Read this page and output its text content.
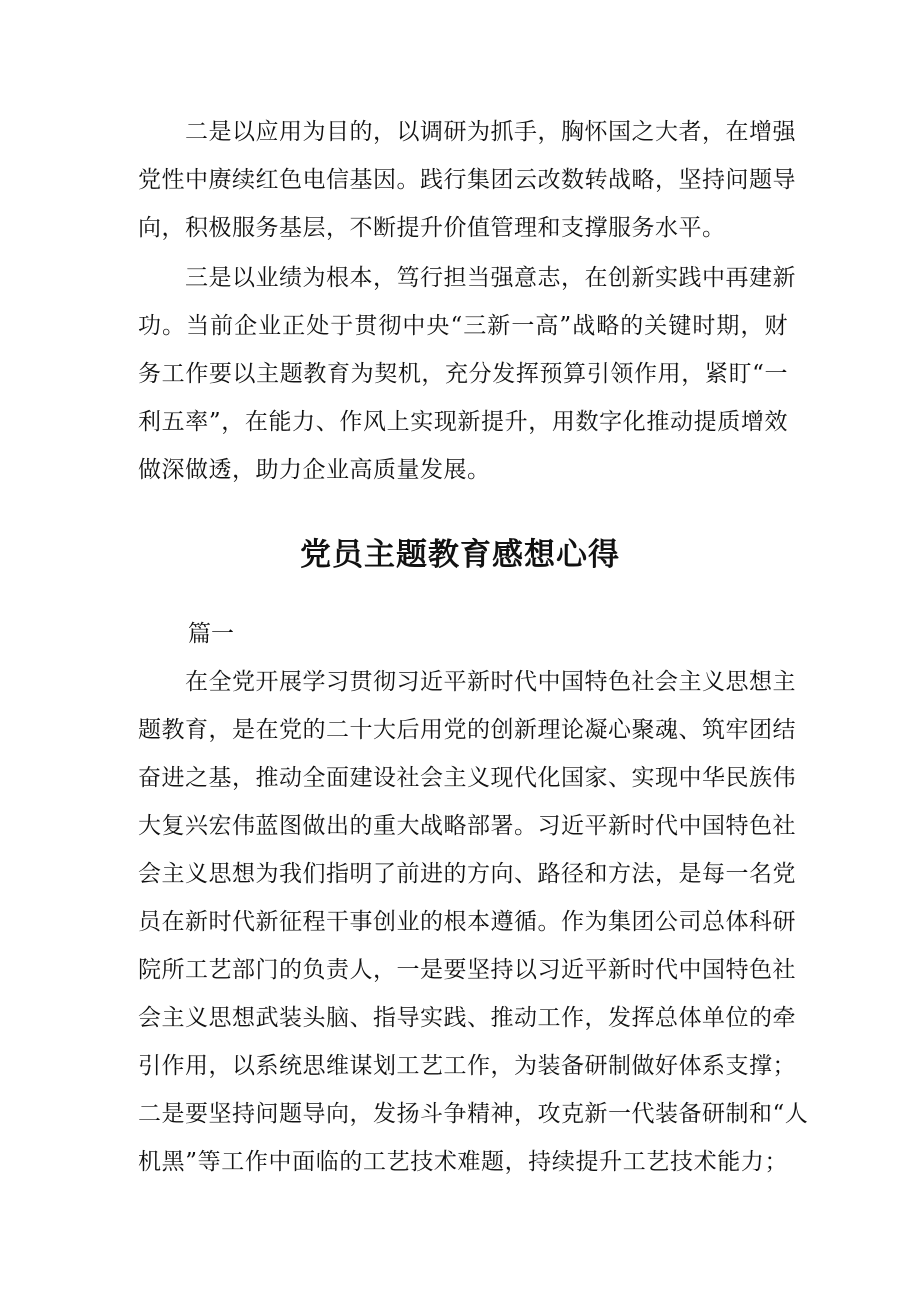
　　二是以应用为目的，以调研为抓手，胸怀国之大者，在增强
党性中赓续红色电信基因。践行集团云改数转战略，坚持问题导
向，积极服务基层，不断提升价值管理和支撑服务水平。
　　三是以业绩为根本，笃行担当强意志，在创新实践中再建新
功。当前企业正处于贯彻中央“三新一高”战略的关键时期，财
务工作要以主题教育为契机，充分发挥预算引领作用，紧盯“一
利五率”，在能力、作风上实现新提升，用数字化推动提质增效
做深做透，助力企业高质量发展。
党员主题教育感想心得

篇一

　　在全党开展学习贯彻习近平新时代中国特色社会主义思想主
题教育，是在党的二十大后用党的创新理论凝心聚魂、筑牢团结
奋进之基，推动全面建设社会主义现代化国家、实现中华民族伟
大复兴宏伟蓝图做出的重大战略部署。习近平新时代中国特色社
会主义思想为我们指明了前进的方向、路径和方法，是每一名党
员在新时代新征程干事创业的根本遵循。作为集团公司总体科研
院所工艺部门的负责人，一是要坚持以习近平新时代中国特色社
会主义思想武装头脑、指导实践、推动工作，发挥总体单位的牵
引作用，以系统思维谋划工艺工作，为装备研制做好体系支撑；
二是要坚持问题导向，发扬斗争精神，攻克新一代装备研制和“人
机黑”等工作中面临的工艺技术难题，持续提升工艺技术能力；
